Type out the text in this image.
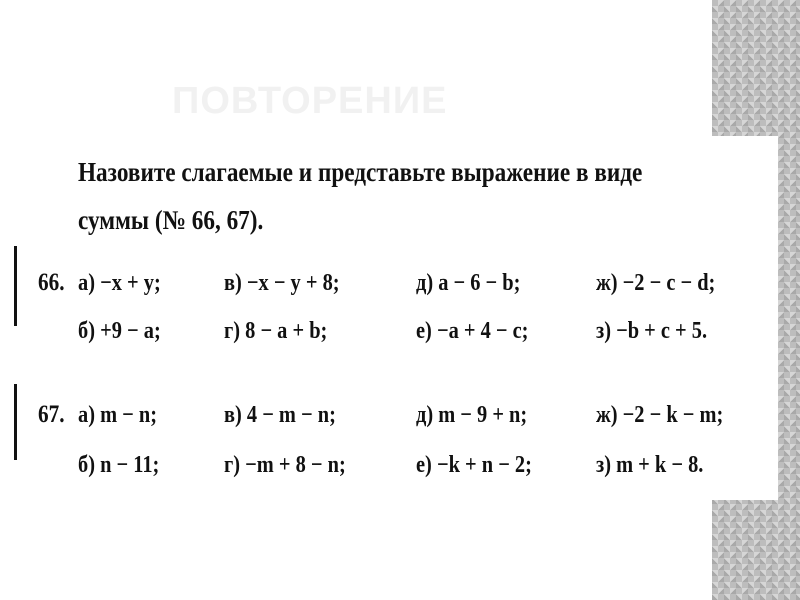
ПОВТОРЕНИЕ
Назовите слагаемые и представьте выражение в виде суммы (№ 66, 67).
66. а) −x + y;	в) −x − y + 8;	д) a − 6 − b;	ж) −2 − c − d;
б) +9 − a;	г) 8 − a + b;	е) −a + 4 − c;	з) −b + c + 5.
67. а) m − n;	в) 4 − m − n;	д) m − 9 + n;	ж) −2 − k − m;
б) n − 11;	г) −m + 8 − n;	е) −k + n − 2;	з) m + k − 8.
